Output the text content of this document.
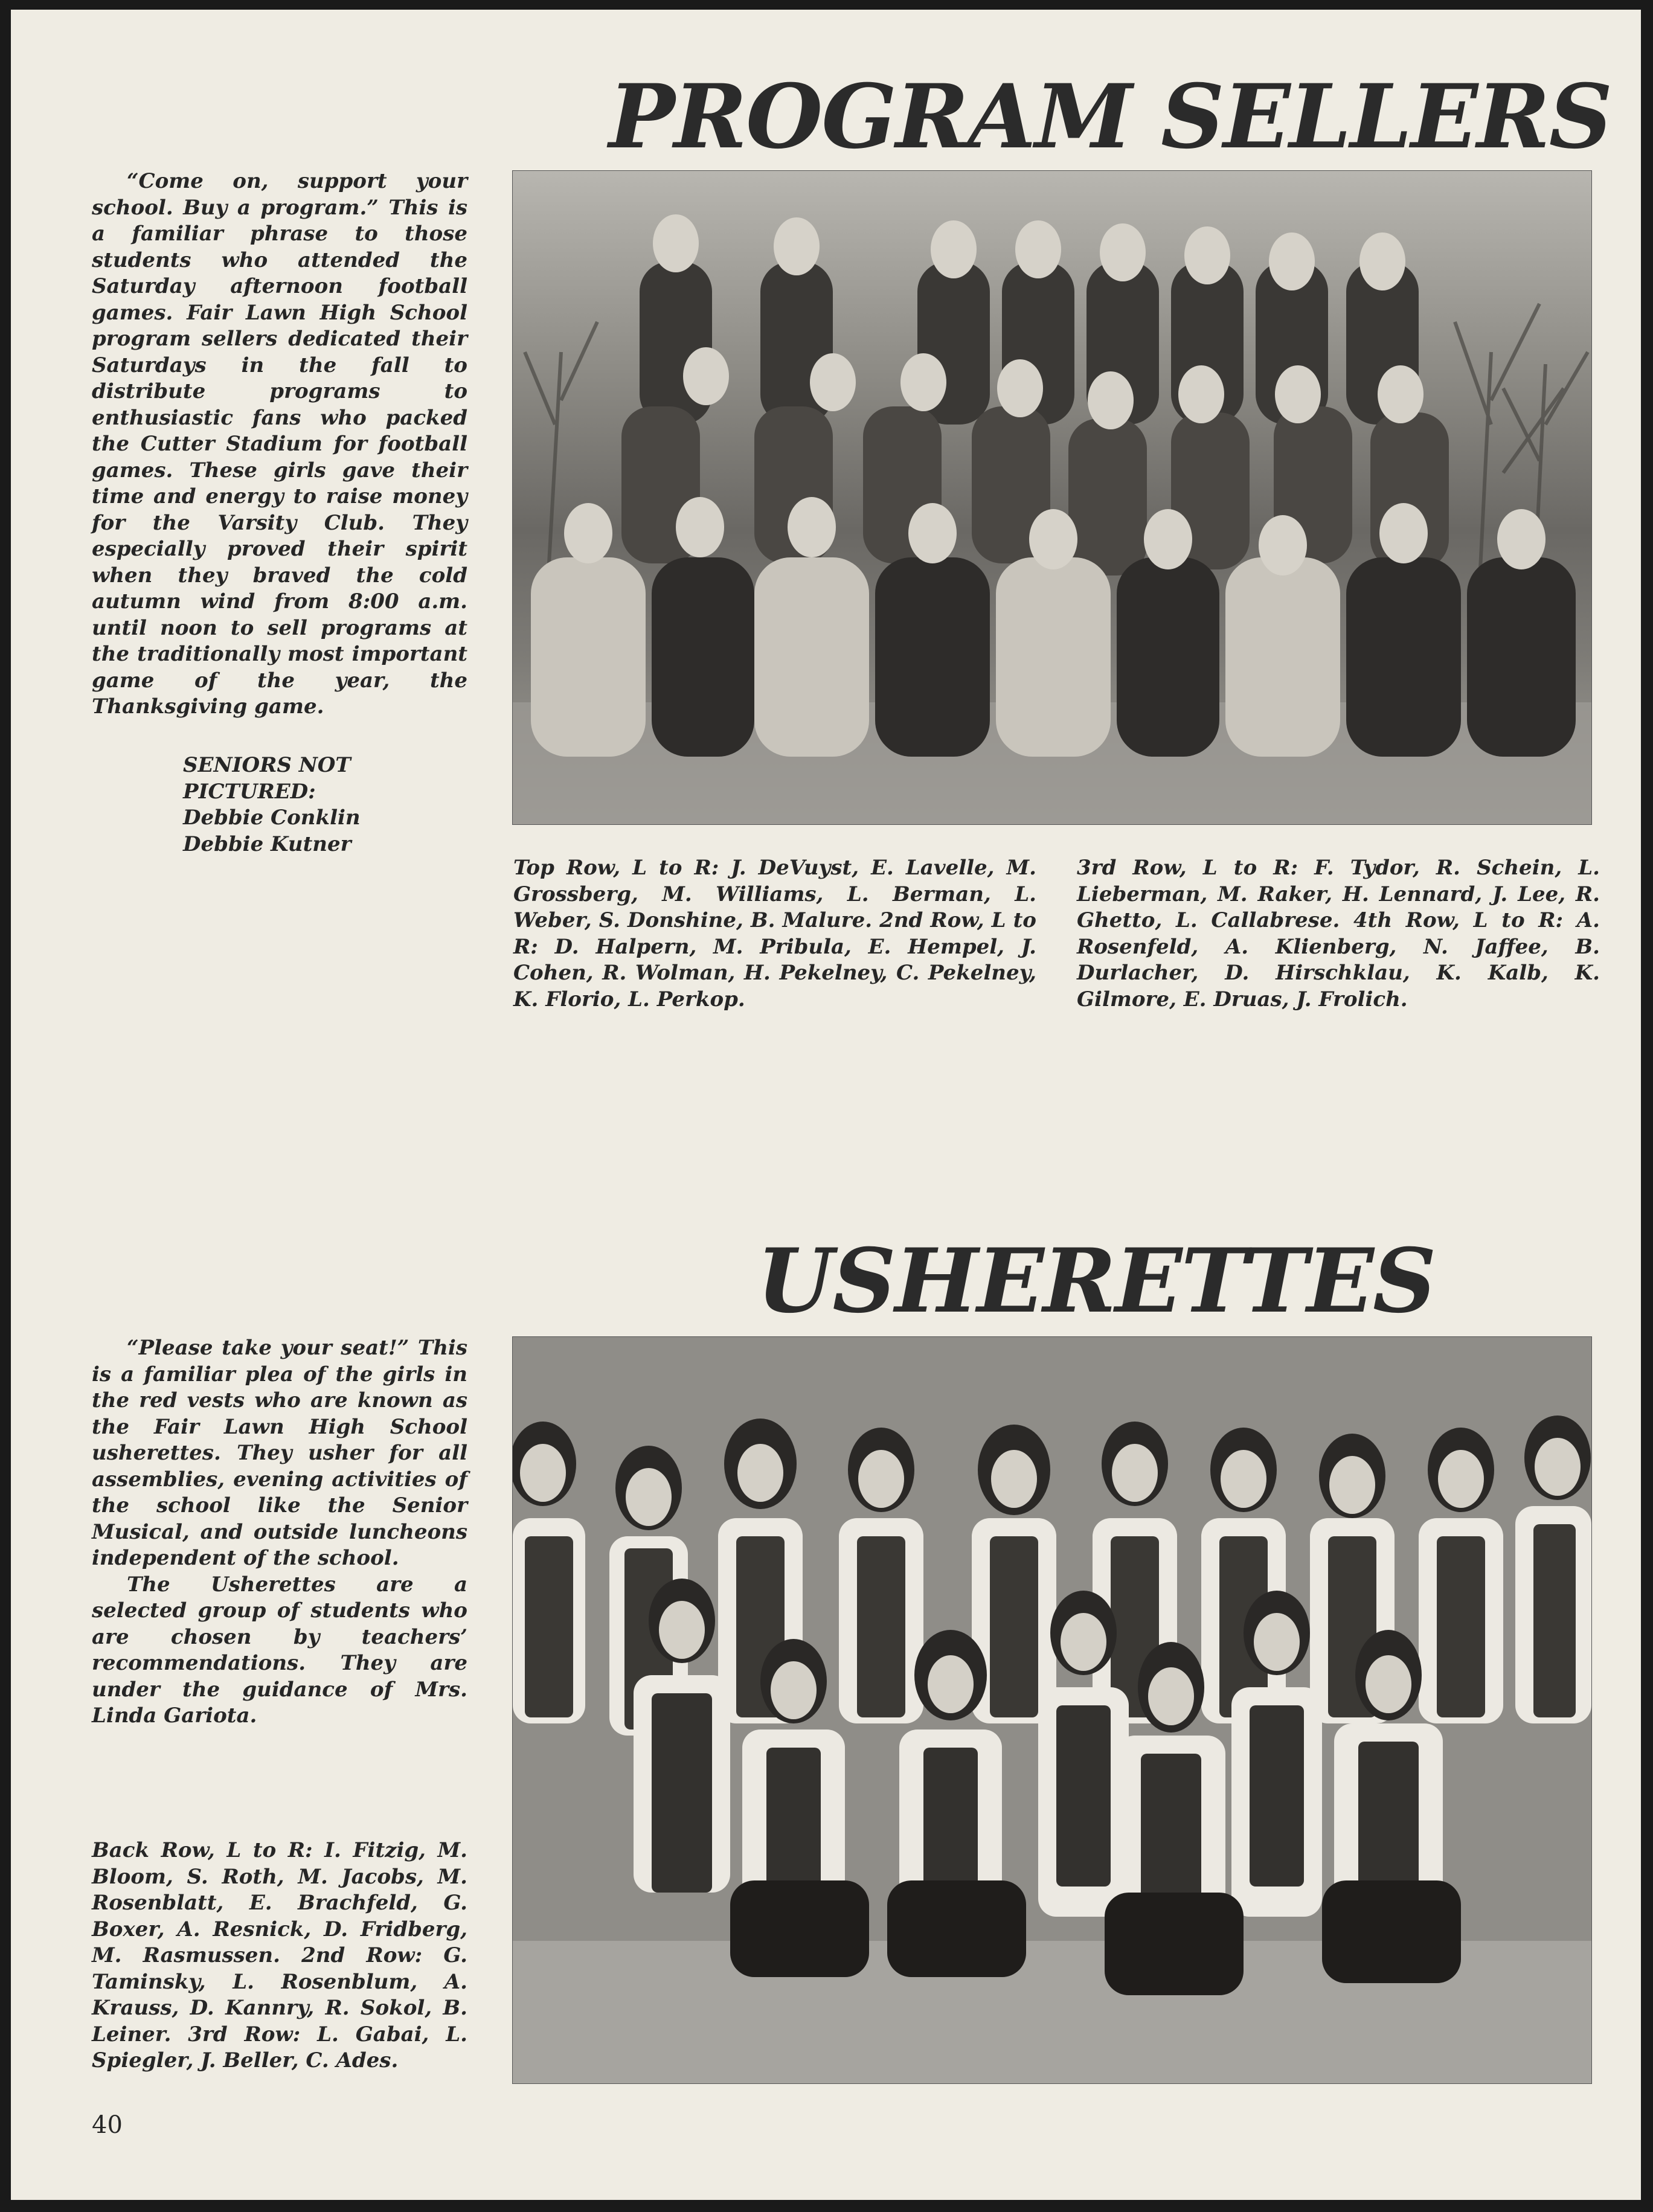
PROGRAM SELLERS

“Come on, support your school. Buy a program.” This is a familiar phrase to those students who attended the Saturday afternoon football games. Fair Lawn High School program sellers dedicated their Saturdays in the fall to distribute programs to enthusiastic fans who packed the Cutter Stadium for football games. These girls gave their time and energy to raise money for the Varsity Club. They especially proved their spirit when they braved the cold autumn wind from 8:00 a.m. until noon to sell programs at the traditionally most important game of the year, the Thanksgiving game.

SENIORS NOT
PICTURED:
Debbie Conklin
Debbie Kutner
Top Row, L to R: J. DeVuyst, E. Lavelle, M. Grossberg, M. Williams, L. Berman, L. Weber, S. Donshine, B. Malure. 2nd Row, L to R: D. Halpern, M. Pribula, E. Hempel, J. Cohen, R. Wolman, H. Pekelney, C. Pekelney, K. Florio, L. Perkop.
3rd Row, L to R: F. Tydor, R. Schein, L. Lieberman, M. Raker, H. Lennard, J. Lee, R. Ghetto, L. Callabrese. 4th Row, L to R: A. Rosenfeld, A. Klienberg, N. Jaffee, B. Durlacher, D. Hirschklau, K. Kalb, K. Gilmore, E. Druas, J. Frolich.
USHERETTES

“Please take your seat!” This is a familiar plea of the girls in the red vests who are known as the Fair Lawn High School usherettes. They usher for all assemblies, evening activities of the school like the Senior Musical, and outside luncheons independent of the school.

The Usherettes are a selected group of students who are chosen by teachers’ recommendations. They are under the guidance of Mrs. Linda Gariota.

Back Row, L to R: I. Fitzig, M. Bloom, S. Roth, M. Jacobs, M. Rosenblatt, E. Brachfeld, G. Boxer, A. Resnick, D. Fridberg, M. Rasmussen. 2nd Row: G. Taminsky, L. Rosenblum, A. Krauss, D. Kannry, R. Sokol, B. Leiner. 3rd Row: L. Gabai, L. Spiegler, J. Beller, C. Ades.
40
